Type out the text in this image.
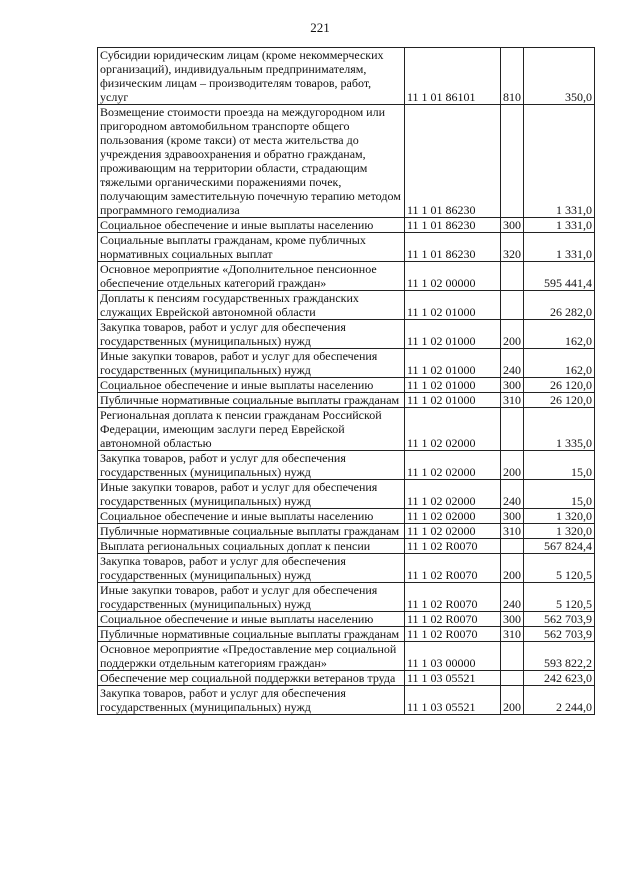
221
Субсидии юридическим лицам (кроме некоммерческих организаций), индивидуальным предпринимателям, физическим лицам – производителям товаров, работ, услуг	11 1 01 86101	810	350,0
Возмещение стоимости проезда на междугородном или пригородном автомобильном транспорте общего пользования (кроме такси) от места жительства до учреждения здравоохранения и обратно гражданам, проживающим на территории области, страдающим тяжелыми органическими поражениями почек, получающим заместительную почечную терапию методом программного гемодиализа	11 1 01 86230		1 331,0
Социальное обеспечение и иные выплаты населению	11 1 01 86230	300	1 331,0
Социальные выплаты гражданам, кроме публичных нормативных социальных выплат	11 1 01 86230	320	1 331,0
Основное мероприятие «Дополнительное пенсионное обеспечение отдельных категорий граждан»	11 1 02 00000		595 441,4
Доплаты к пенсиям государственных гражданских служащих Еврейской автономной области	11 1 02 01000		26 282,0
Закупка товаров, работ и услуг для обеспечения государственных (муниципальных) нужд	11 1 02 01000	200	162,0
Иные закупки товаров, работ и услуг для обеспечения государственных (муниципальных) нужд	11 1 02 01000	240	162,0
Социальное обеспечение и иные выплаты населению	11 1 02 01000	300	26 120,0
Публичные нормативные социальные выплаты гражданам	11 1 02 01000	310	26 120,0
Региональная доплата к пенсии гражданам Российской Федерации, имеющим заслуги перед Еврейской автономной областью	11 1 02 02000		1 335,0
Закупка товаров, работ и услуг для обеспечения государственных (муниципальных) нужд	11 1 02 02000	200	15,0
Иные закупки товаров, работ и услуг для обеспечения государственных (муниципальных) нужд	11 1 02 02000	240	15,0
Социальное обеспечение и иные выплаты населению	11 1 02 02000	300	1 320,0
Публичные нормативные социальные выплаты гражданам	11 1 02 02000	310	1 320,0
Выплата региональных социальных доплат к пенсии	11 1 02 R0070		567 824,4
Закупка товаров, работ и услуг для обеспечения государственных (муниципальных) нужд	11 1 02 R0070	200	5 120,5
Иные закупки товаров, работ и услуг для обеспечения государственных (муниципальных) нужд	11 1 02 R0070	240	5 120,5
Социальное обеспечение и иные выплаты населению	11 1 02 R0070	300	562 703,9
Публичные нормативные социальные выплаты гражданам	11 1 02 R0070	310	562 703,9
Основное мероприятие «Предоставление мер социальной поддержки отдельным категориям граждан»	11 1 03 00000		593 822,2
Обеспечение мер социальной поддержки ветеранов труда	11 1 03 05521		242 623,0
Закупка товаров, работ и услуг для обеспечения государственных (муниципальных) нужд	11 1 03 05521	200	2 244,0
